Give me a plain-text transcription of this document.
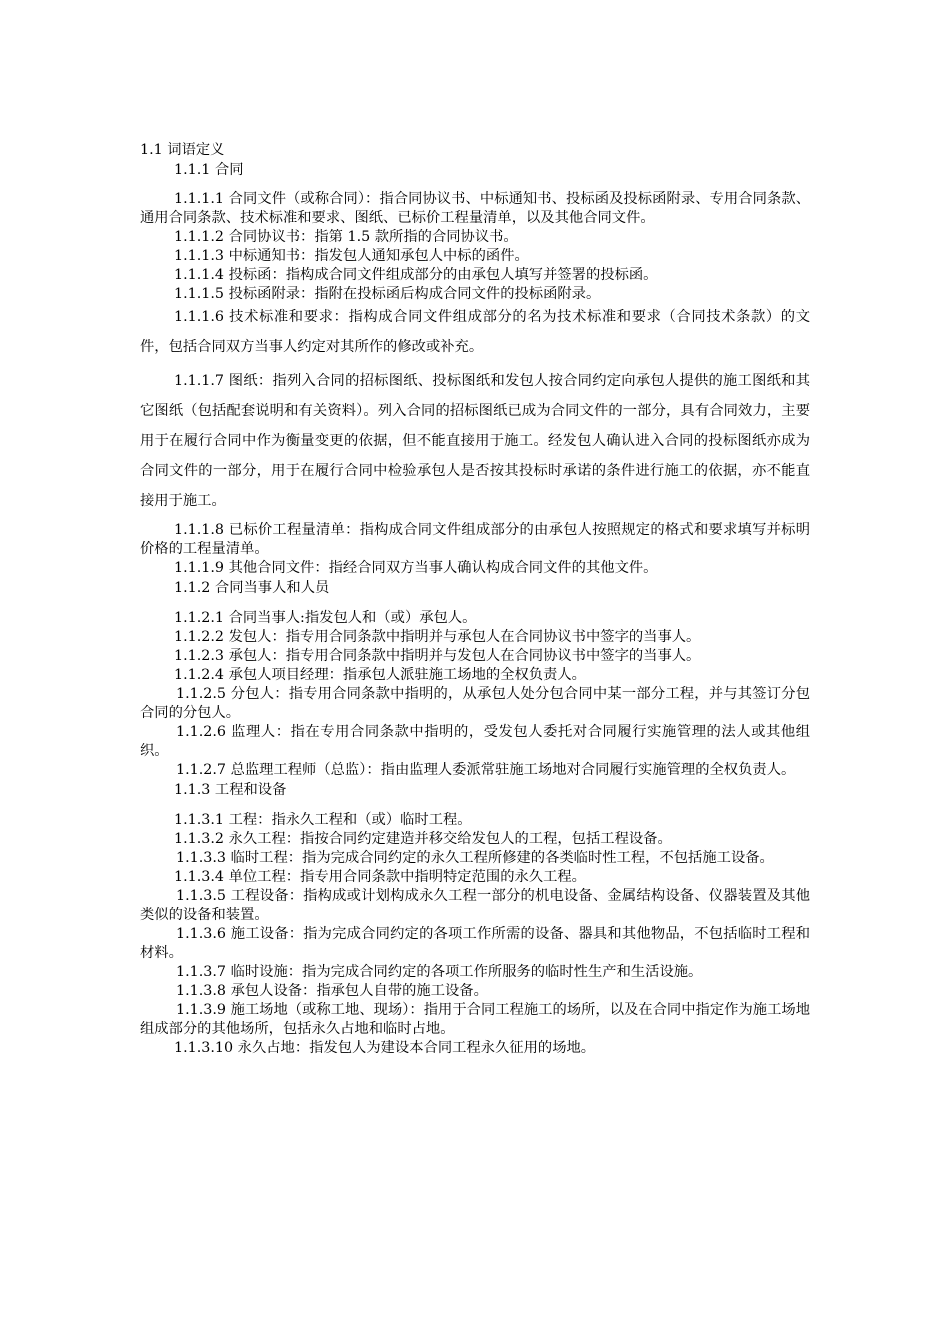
1.1 词语定义

1.1.1 合同

1.1.1.1 合同文件（或称合同）：指合同协议书、中标通知书、投标函及投标函附录、专用合同条款、通用合同条款、技术标准和要求、图纸、已标价工程量清单，以及其他合同文件。

1.1.1.2 合同协议书：指第 1.5 款所指的合同协议书。

1.1.1.3 中标通知书：指发包人通知承包人中标的函件。

1.1.1.4 投标函：指构成合同文件组成部分的由承包人填写并签署的投标函。

1.1.1.5 投标函附录：指附在投标函后构成合同文件的投标函附录。

1.1.1.6 技术标准和要求：指构成合同文件组成部分的名为技术标准和要求（合同技术条款）的文件，包括合同双方当事人约定对其所作的修改或补充。

1.1.1.7 图纸：指列入合同的招标图纸、投标图纸和发包人按合同约定向承包人提供的施工图纸和其它图纸（包括配套说明和有关资料）。列入合同的招标图纸已成为合同文件的一部分，具有合同效力，主要用于在履行合同中作为衡量变更的依据，但不能直接用于施工。经发包人确认进入合同的投标图纸亦成为合同文件的一部分，用于在履行合同中检验承包人是否按其投标时承诺的条件进行施工的依据，亦不能直接用于施工。

1.1.1.8 已标价工程量清单：指构成合同文件组成部分的由承包人按照规定的格式和要求填写并标明价格的工程量清单。

1.1.1.9 其他合同文件：指经合同双方当事人确认构成合同文件的其他文件。

1.1.2 合同当事人和人员

1.1.2.1 合同当事人:指发包人和（或）承包人。

1.1.2.2 发包人：指专用合同条款中指明并与承包人在合同协议书中签字的当事人。

1.1.2.3 承包人：指专用合同条款中指明并与发包人在合同协议书中签字的当事人。

1.1.2.4 承包人项目经理：指承包人派驻施工场地的全权负责人。

1.1.2.5 分包人：指专用合同条款中指明的，从承包人处分包合同中某一部分工程，并与其签订分包合同的分包人。

1.1.2.6 监理人：指在专用合同条款中指明的，受发包人委托对合同履行实施管理的法人或其他组织。

1.1.2.7 总监理工程师（总监）：指由监理人委派常驻施工场地对合同履行实施管理的全权负责人。

1.1.3 工程和设备

1.1.3.1 工程：指永久工程和（或）临时工程。

1.1.3.2 永久工程：指按合同约定建造并移交给发包人的工程，包括工程设备。

1.1.3.3 临时工程：指为完成合同约定的永久工程所修建的各类临时性工程，不包括施工设备。

1.1.3.4 单位工程：指专用合同条款中指明特定范围的永久工程。

1.1.3.5 工程设备：指构成或计划构成永久工程一部分的机电设备、金属结构设备、仪器装置及其他类似的设备和装置。

1.1.3.6 施工设备：指为完成合同约定的各项工作所需的设备、器具和其他物品，不包括临时工程和材料。

1.1.3.7 临时设施：指为完成合同约定的各项工作所服务的临时性生产和生活设施。

1.1.3.8 承包人设备：指承包人自带的施工设备。

1.1.3.9 施工场地（或称工地、现场）：指用于合同工程施工的场所，以及在合同中指定作为施工场地组成部分的其他场所，包括永久占地和临时占地。

1.1.3.10 永久占地：指发包人为建设本合同工程永久征用的场地。
